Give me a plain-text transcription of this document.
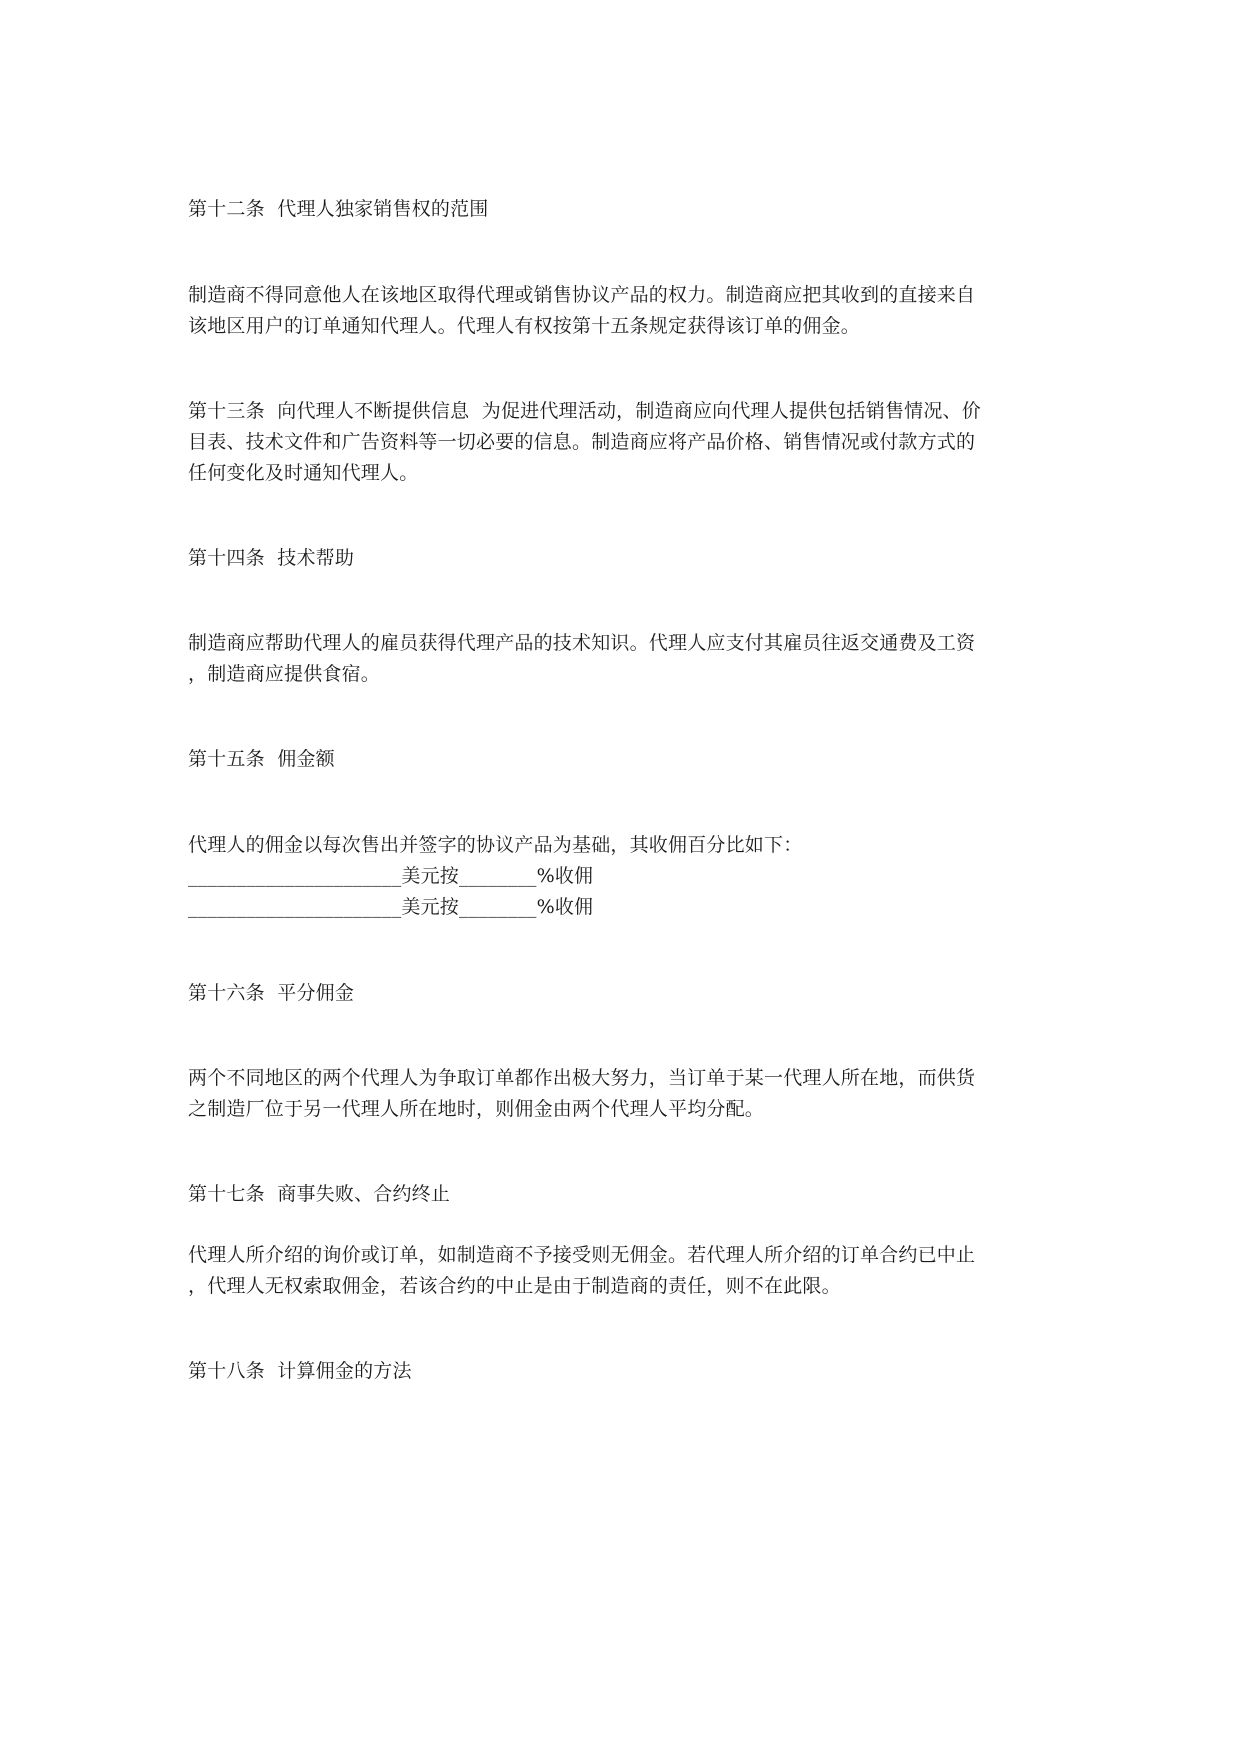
第十二条  代理人独家销售权的范围
制造商不得同意他人在该地区取得代理或销售协议产品的权力。制造商应把其收到的直接来自
该地区用户的订单通知代理人。代理人有权按第十五条规定获得该订单的佣金。
第十三条  向代理人不断提供信息  为促进代理活动，制造商应向代理人提供包括销售情况、价
目表、技术文件和广告资料等一切必要的信息。制造商应将产品价格、销售情况或付款方式的
任何变化及时通知代理人。
第十四条  技术帮助
制造商应帮助代理人的雇员获得代理产品的技术知识。代理人应支付其雇员往返交通费及工资
，制造商应提供食宿。
第十五条  佣金额
代理人的佣金以每次售出并签字的协议产品为基础，其收佣百分比如下：
______________________美元按________%收佣
______________________美元按________%收佣
第十六条  平分佣金
两个不同地区的两个代理人为争取订单都作出极大努力，当订单于某一代理人所在地，而供货
之制造厂位于另一代理人所在地时，则佣金由两个代理人平均分配。
第十七条  商事失败、合约终止
代理人所介绍的询价或订单，如制造商不予接受则无佣金。若代理人所介绍的订单合约已中止
，代理人无权索取佣金，若该合约的中止是由于制造商的责任，则不在此限。
第十八条  计算佣金的方法
